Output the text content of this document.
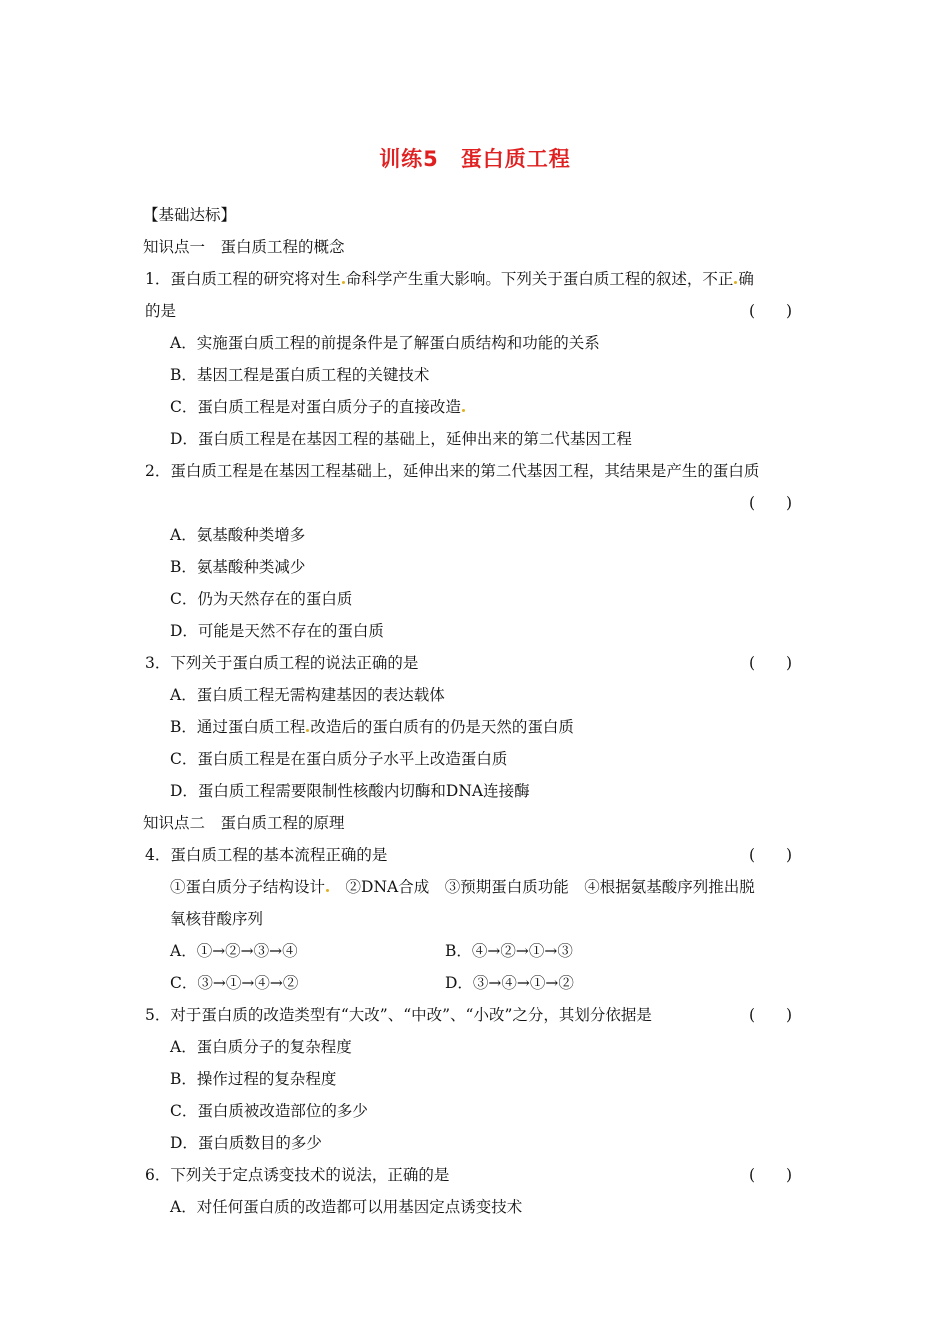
训练5　蛋白质工程
【基础达标】
知识点一　蛋白质工程的概念
1．蛋白质工程的研究将对生 命科学产生重大影响。下列关于蛋白质工程的叙述，不正 确
的是	(　　)
A．实施蛋白质工程的前提条件是了解蛋白质结构和功能的关系
B．基因工程是蛋白质工程的关键技术
C．蛋白质工程是对蛋白质分子的直接改造
D．蛋白质工程是在基因工程的基础上，延伸出来的第二代基因工程
2．蛋白质工程是在基因工程基础上，延伸出来的第二代基因工程，其结果是产生的蛋白质
(　　)
A．氨基酸种类增多
B．氨基酸种类减少
C．仍为天然存在的蛋白质
D．可能是天然不存在的蛋白质
3．下列关于蛋白质工程的说法正确的是	(　　)
A．蛋白质工程无需构建基因的表达载体
B．通过蛋白质工程 改造后的蛋白质有的仍是天然的蛋白质
C．蛋白质工程是在蛋白质分子水平上改造蛋白质
D．蛋白质工程需要限制性核酸内切酶和DNA连接酶
知识点二　蛋白质工程的原理
4．蛋白质工程的基本流程正确的是	(　　)
①蛋白质分子结构设计　 ②DNA合成　③预期蛋白质功能　④根据氨基酸序列推出脱
氧核苷酸序列
A．①→②→③→④	B．④→②→①→③
C．③→①→④→②	D．③→④→①→②
5．对于蛋白质的改造类型有“大改”、“中改”、“小改”之分，其划分依据是	(　　)
A．蛋白质分子的复杂程度
B．操作过程的复杂程度
C．蛋白质被改造部位的多少
D．蛋白质数目的多少
6．下列关于定点诱变技术的说法，正确的是	(　　)
A．对任何蛋白质的改造都可以用基因定点诱变技术
